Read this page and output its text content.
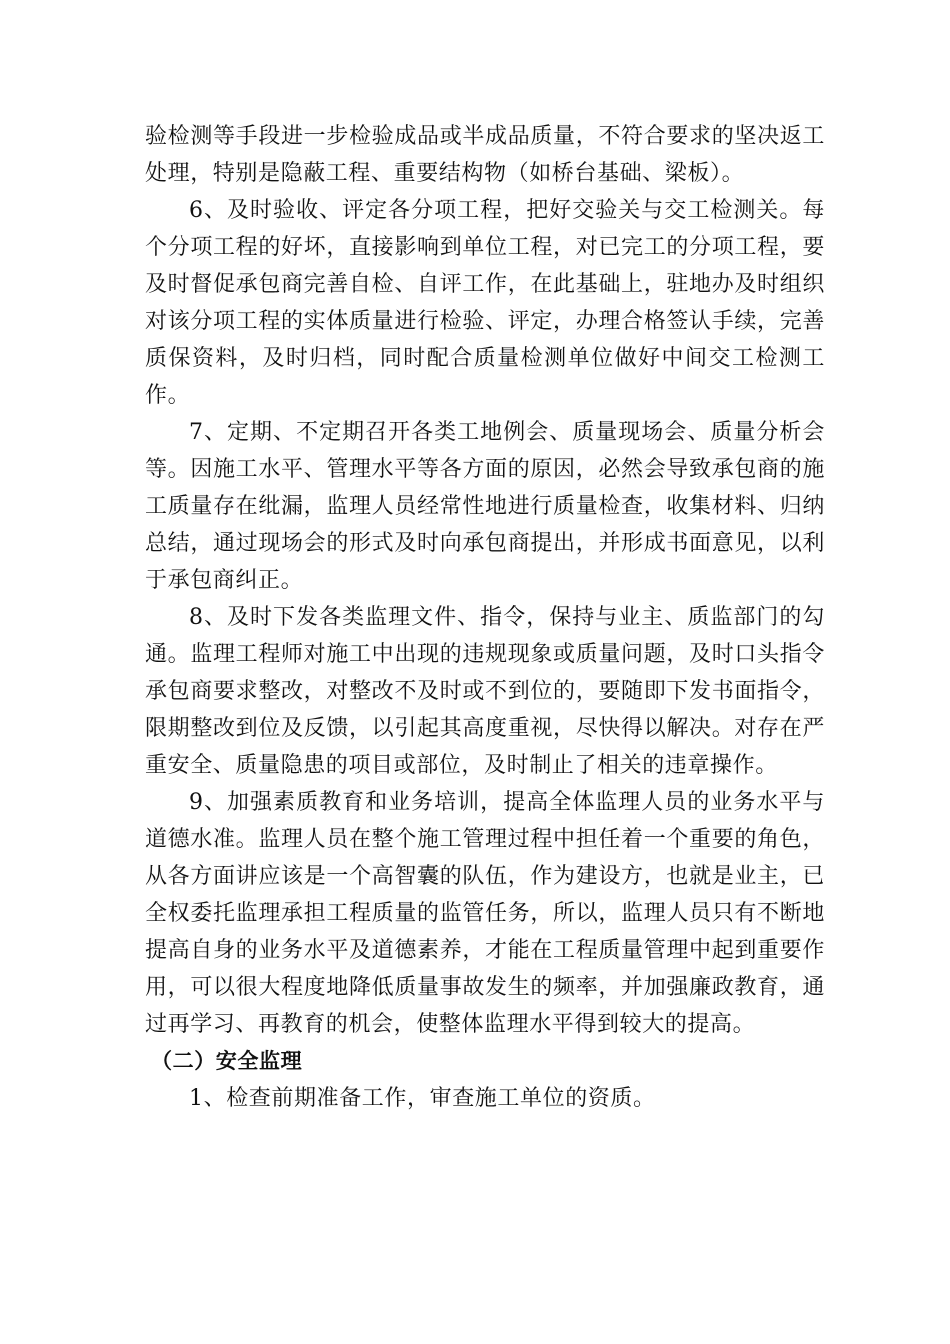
验检测等手段进一步检验成品或半成品质量，不符合要求的坚决返工处理，特别是隐蔽工程、重要结构物（如桥台基础、梁板）。

6、及时验收、评定各分项工程，把好交验关与交工检测关。每个分项工程的好坏，直接影响到单位工程，对已完工的分项工程，要及时督促承包商完善自检、自评工作，在此基础上，驻地办及时组织对该分项工程的实体质量进行检验、评定，办理合格签认手续，完善质保资料，及时归档，同时配合质量检测单位做好中间交工检测工作。

7、定期、不定期召开各类工地例会、质量现场会、质量分析会等。因施工水平、管理水平等各方面的原因，必然会导致承包商的施工质量存在纰漏，监理人员经常性地进行质量检查，收集材料、归纳总结，通过现场会的形式及时向承包商提出，并形成书面意见，以利于承包商纠正。

8、及时下发各类监理文件、指令，保持与业主、质监部门的勾通。监理工程师对施工中出现的违规现象或质量问题，及时口头指令承包商要求整改，对整改不及时或不到位的，要随即下发书面指令，限期整改到位及反馈，以引起其高度重视，尽快得以解决。对存在严重安全、质量隐患的项目或部位，及时制止了相关的违章操作。

9、加强素质教育和业务培训，提高全体监理人员的业务水平与道德水准。监理人员在整个施工管理过程中担任着一个重要的角色，从各方面讲应该是一个高智囊的队伍，作为建设方，也就是业主，已全权委托监理承担工程质量的监管任务，所以，监理人员只有不断地提高自身的业务水平及道德素养，才能在工程质量管理中起到重要作用，可以很大程度地降低质量事故发生的频率，并加强廉政教育，通过再学习、再教育的机会，使整体监理水平得到较大的提高。

（二）安全监理

1、检查前期准备工作，审查施工单位的资质。
